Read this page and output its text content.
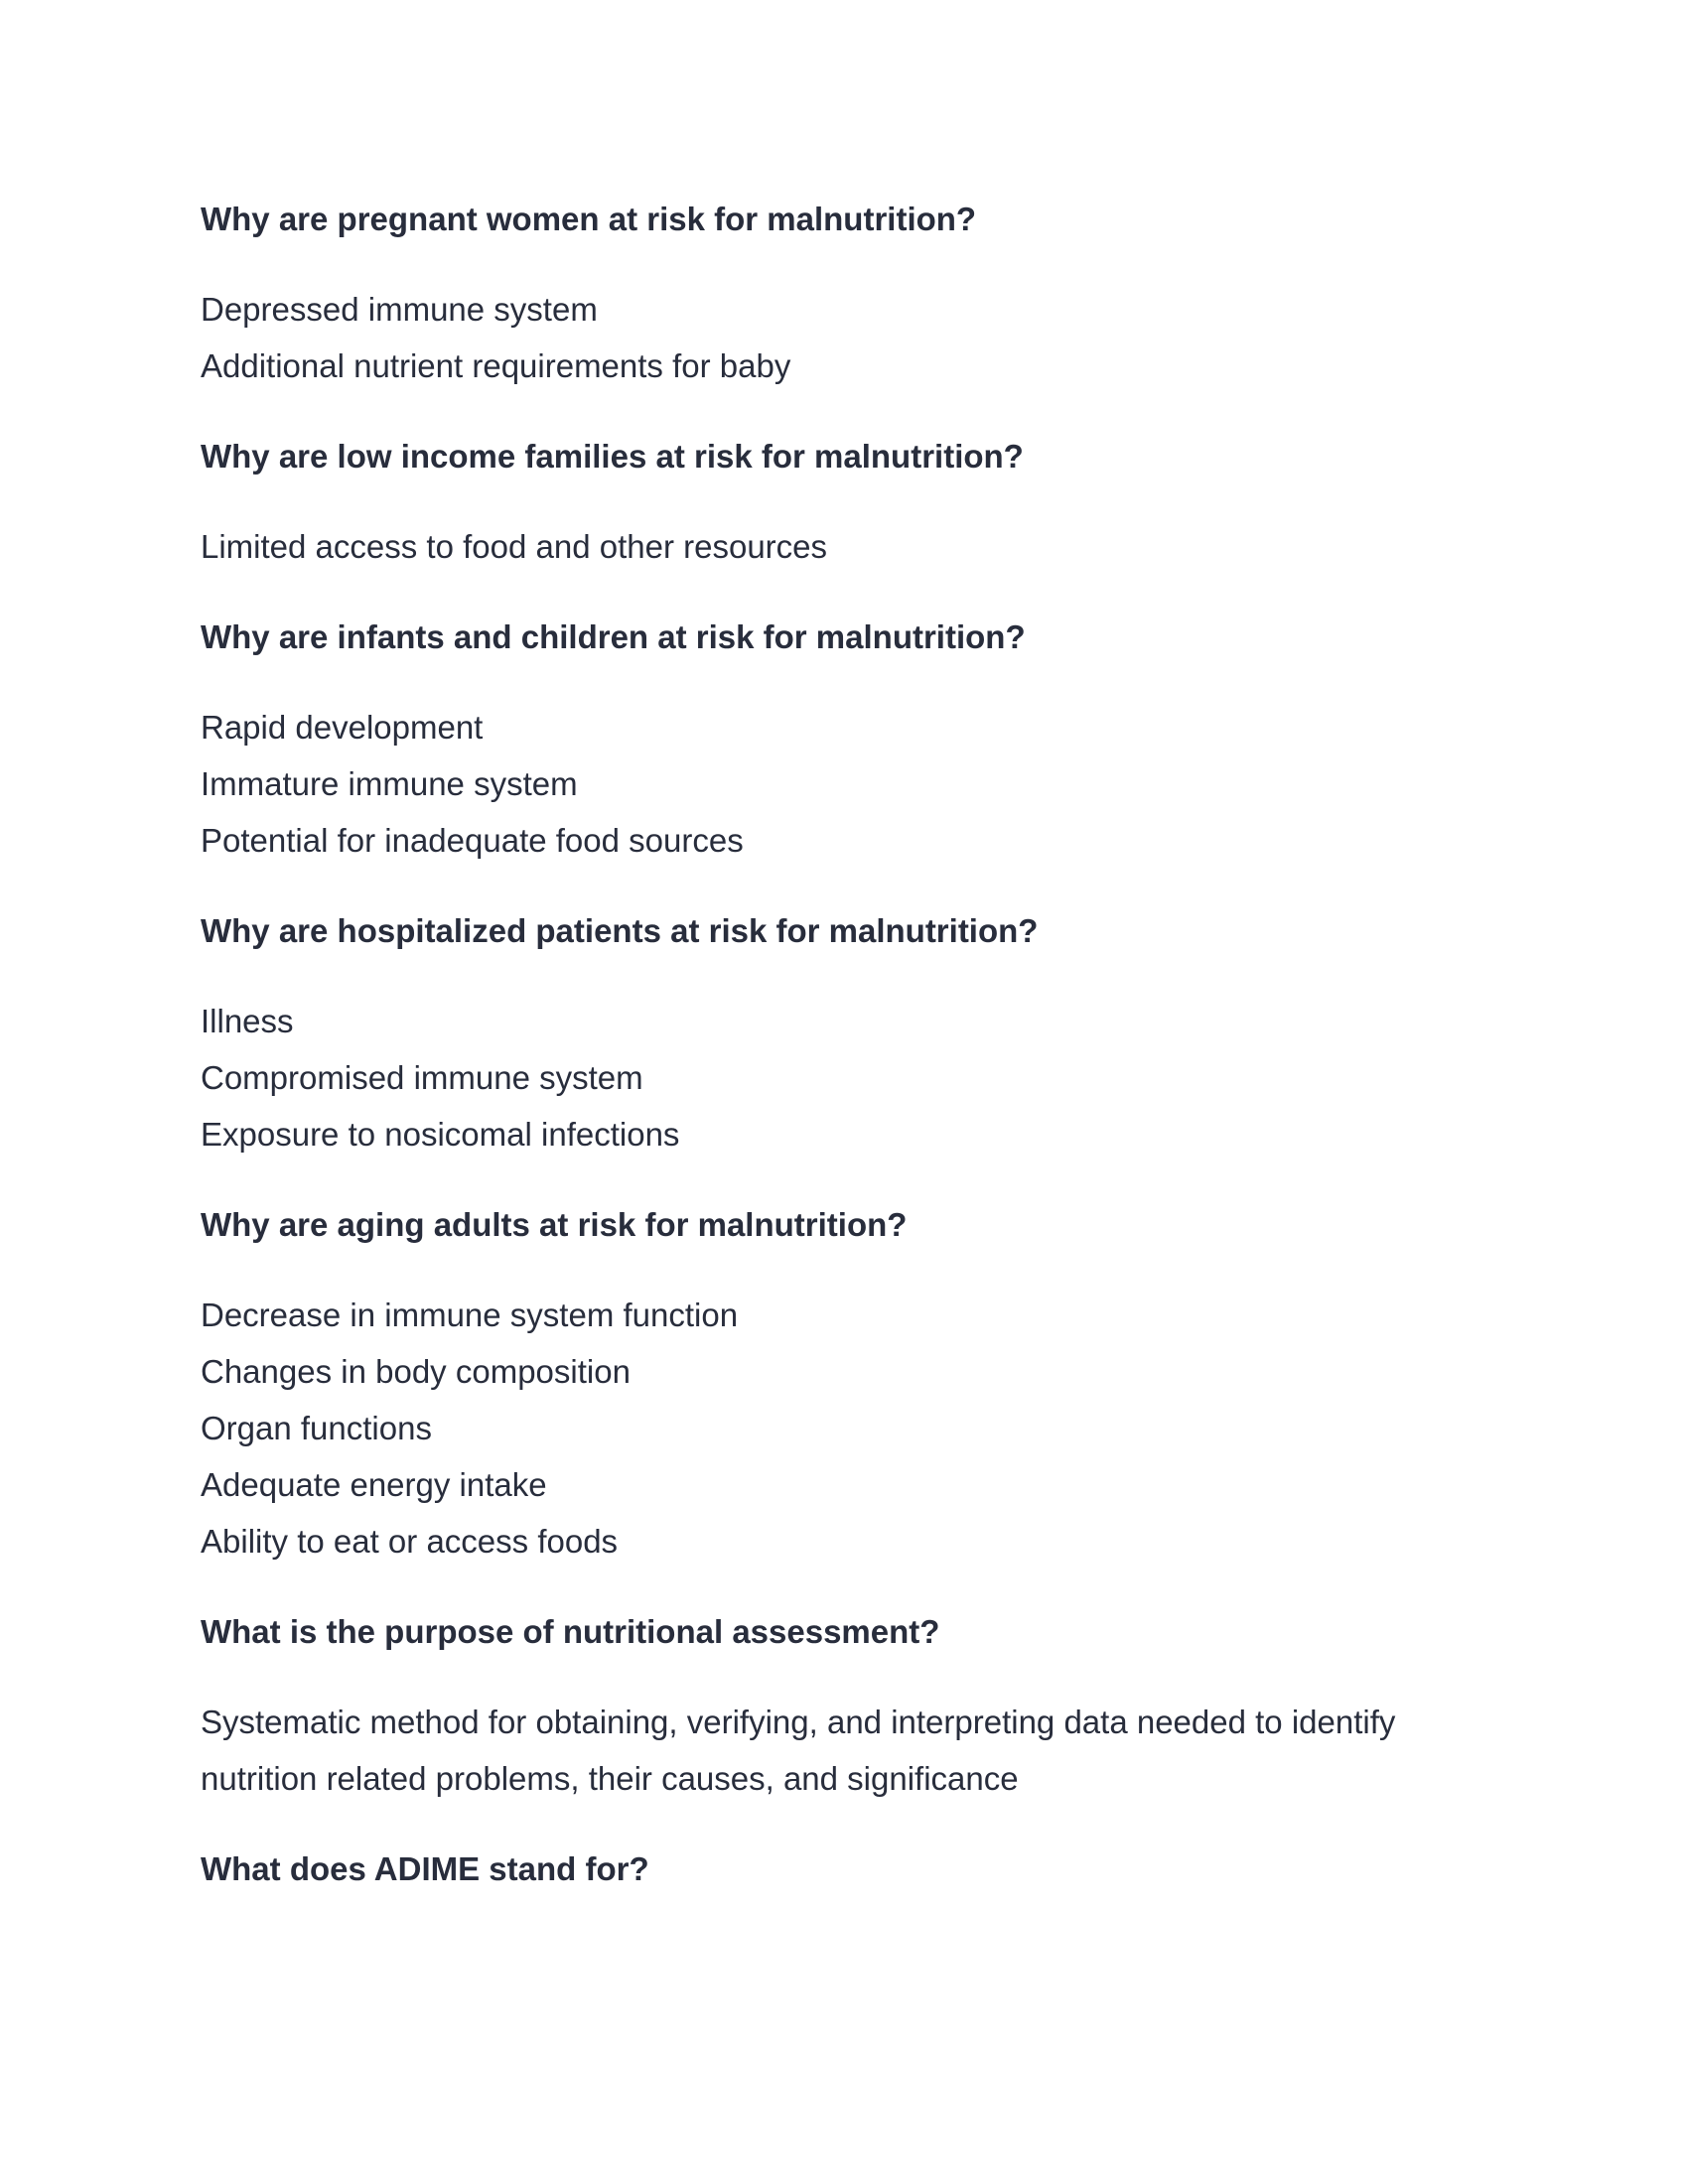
Why are pregnant women at risk for malnutrition?
Depressed immune system
Additional nutrient requirements for baby
Why are low income families at risk for malnutrition?
Limited access to food and other resources
Why are infants and children at risk for malnutrition?
Rapid development
Immature immune system
Potential for inadequate food sources
Why are hospitalized patients at risk for malnutrition?
Illness
Compromised immune system
Exposure to nosicomal infections
Why are aging adults at risk for malnutrition?
Decrease in immune system function
Changes in body composition
Organ functions
Adequate energy intake
Ability to eat or access foods
What is the purpose of nutritional assessment?
Systematic method for obtaining, verifying, and interpreting data needed to identify
nutrition related problems, their causes, and significance
What does ADIME stand for?
